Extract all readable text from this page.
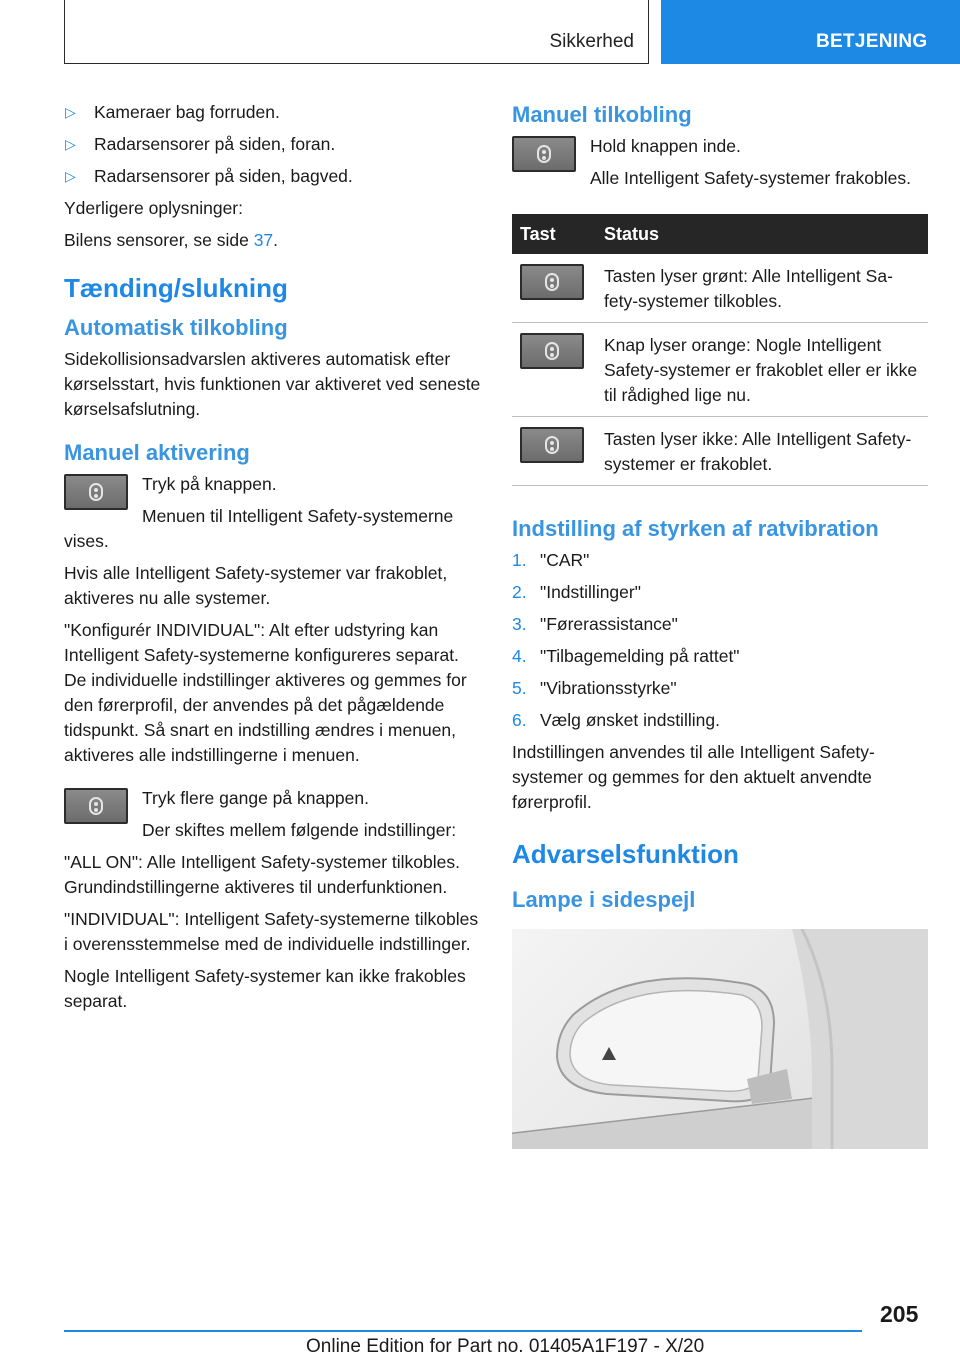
Sikkerhed	BETJENING
▷ Kameraer bag forruden.
▷ Radarsensorer på siden, foran.
▷ Radarsensorer på siden, bagved.

Yderligere oplysninger:

Bilens sensorer, se side 37.

Tænding/slukning
Automatisk tilkobling

Sidekollisionsadvarslen aktiveres automatisk efter kørselsstart, hvis funktionen var aktiveret ved seneste kørselsafslutning.

Manuel aktivering

Tryk på knappen.

Menuen til Intelligent Safety-systemerne vises.

Hvis alle Intelligent Safety-systemer var frakoblet, aktiveres nu alle systemer.

"Konfigurér INDIVIDUAL": Alt efter udstyring kan Intelligent Safety-systemerne konfigureres separat. De individuelle indstillinger aktiveres og gemmes for den førerprofil, der anvendes på det pågældende tidspunkt. Så snart en indstilling ændres i menuen, aktiveres alle indstillingerne i menuen.

Tryk flere gange på knappen.

Der skiftes mellem følgende indstillinger:

"ALL ON": Alle Intelligent Safety-systemer tilkobles. Grundindstillingerne aktiveres til underfunktionen.

"INDIVIDUAL": Intelligent Safety-systemerne tilkobles i overensstemmelse med de individuelle indstillinger.

Nogle Intelligent Safety-systemer kan ikke frakobles separat.

Manuel tilkobling

Hold knappen inde.

Alle Intelligent Safety-systemer frakobles.

Tast	Status

	Tasten lyser grønt: Alle Intelligent Safety-systemer tilkobles.

	Knap lyser orange: Nogle Intelligent Safety-systemer er frakoblet eller er ikke til rådighed lige nu.

	Tasten lyser ikke: Alle Intelligent Safety-systemer er frakoblet.
Indstilling af styrken af ratvibration
1. "CAR"
2. "Indstillinger"
3. "Førerassistance"
4. "Tilbagemelding på rattet"
5. "Vibrationsstyrke"
6. Vælg ønsket indstilling.

Indstillingen anvendes til alle Intelligent Safety-systemer og gemmes for den aktuelt anvendte førerprofil.

Advarselsfunktion
Lampe i sidespejl
205
Online Edition for Part no. 01405A1F197 - X/20
